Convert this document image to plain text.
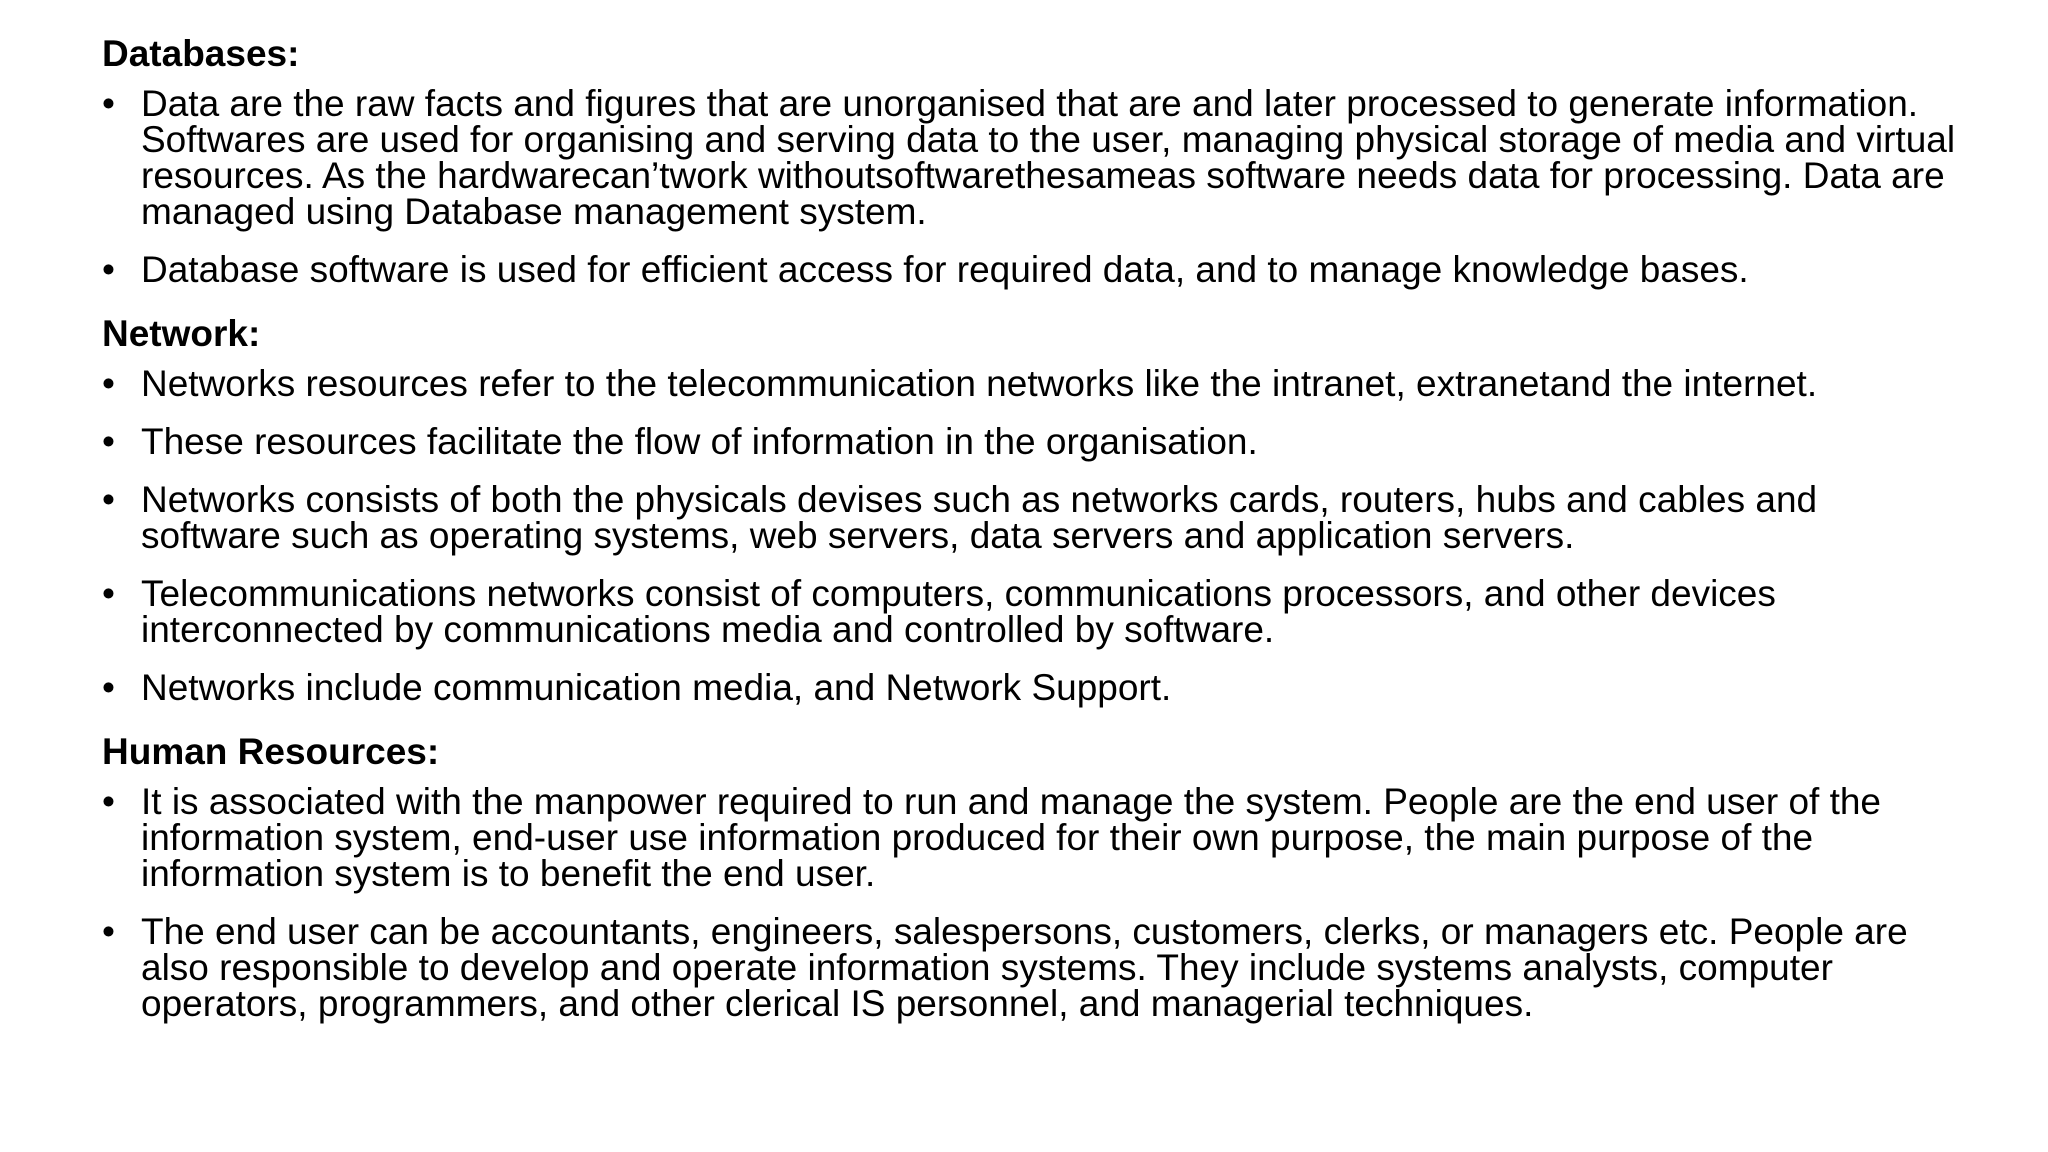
Databases:
• Data are the raw facts and figures that are unorganised that are and later processed to generate information. Softwares are used for organising and serving data to the user, managing physical storage of media and virtual resources. As the hardwarecan’twork withoutsoftwarethesameas software needs data for processing. Data are managed using Database management system.
• Database software is used for efficient access for required data, and to manage knowledge bases.
Network:
• Networks resources refer to the telecommunication networks like the intranet, extranetand the internet.
• These resources facilitate the flow of information in the organisation.
• Networks consists of both the physicals devises such as networks cards, routers, hubs and cables and software such as operating systems, web servers, data servers and application servers.
• Telecommunications networks consist of computers, communications processors, and other devices interconnected by communications media and controlled by software.
• Networks include communication media, and Network Support.
Human Resources:
• It is associated with the manpower required to run and manage the system. People are the end user of the information system, end-user use information produced for their own purpose, the main purpose of the information system is to benefit the end user.
• The end user can be accountants, engineers, salespersons, customers, clerks, or managers etc. People are also responsible to develop and operate information systems. They include systems analysts, computer operators, programmers, and other clerical IS personnel, and managerial techniques.
